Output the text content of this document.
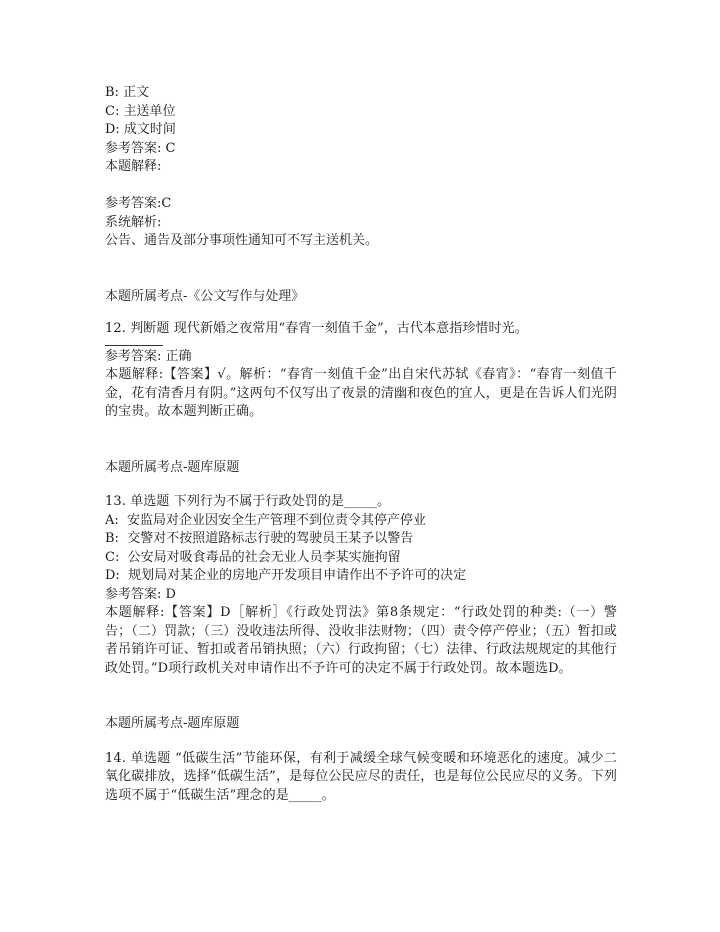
B: 正文
C: 主送单位
D: 成文时间
参考答案: C
本题解释:
参考答案:C
系统解析:
公告、通告及部分事项性通知可不写主送机关。
本题所属考点-《公文写作与处理》
12. 判断题 现代新婚之夜常用“春宵一刻值千金”，古代本意指珍惜时光。
参考答案: 正确
本题解释:【答案】√。解析：“春宵一刻值千金”出自宋代苏轼《春宵》：“春宵一刻值千金，花有清香月有阴。”这两句不仅写出了夜景的清幽和夜色的宜人，更是在告诉人们光阴的宝贵。故本题判断正确。
本题所属考点-题库原题
13. 单选题 下列行为不属于行政处罚的是_____。
A:  安监局对企业因安全生产管理不到位责令其停产停业
B:  交警对不按照道路标志行驶的驾驶员王某予以警告
C:  公安局对吸食毒品的社会无业人员李某实施拘留
D:  规划局对某企业的房地产开发项目申请作出不予许可的决定
参考答案: D
本题解释:【答案】D［解析］《行政处罚法》第8条规定：“行政处罚的种类:（一）警告；（二）罚款；（三）没收违法所得、没收非法财物；（四）责令停产停业；（五）暂扣或者吊销许可证、暂扣或者吊销执照；（六）行政拘留；（七）法律、行政法规规定的其他行政处罚。”D项行政机关对申请作出不予许可的决定不属于行政处罚。故本题选D。
本题所属考点-题库原题
14. 单选题 “低碳生活”节能环保，有利于减缓全球气候变暖和环境恶化的速度。减少二氧化碳排放，选择“低碳生活”，是每位公民应尽的责任，也是每位公民应尽的义务。下列选项不属于“低碳生活”理念的是_____。
